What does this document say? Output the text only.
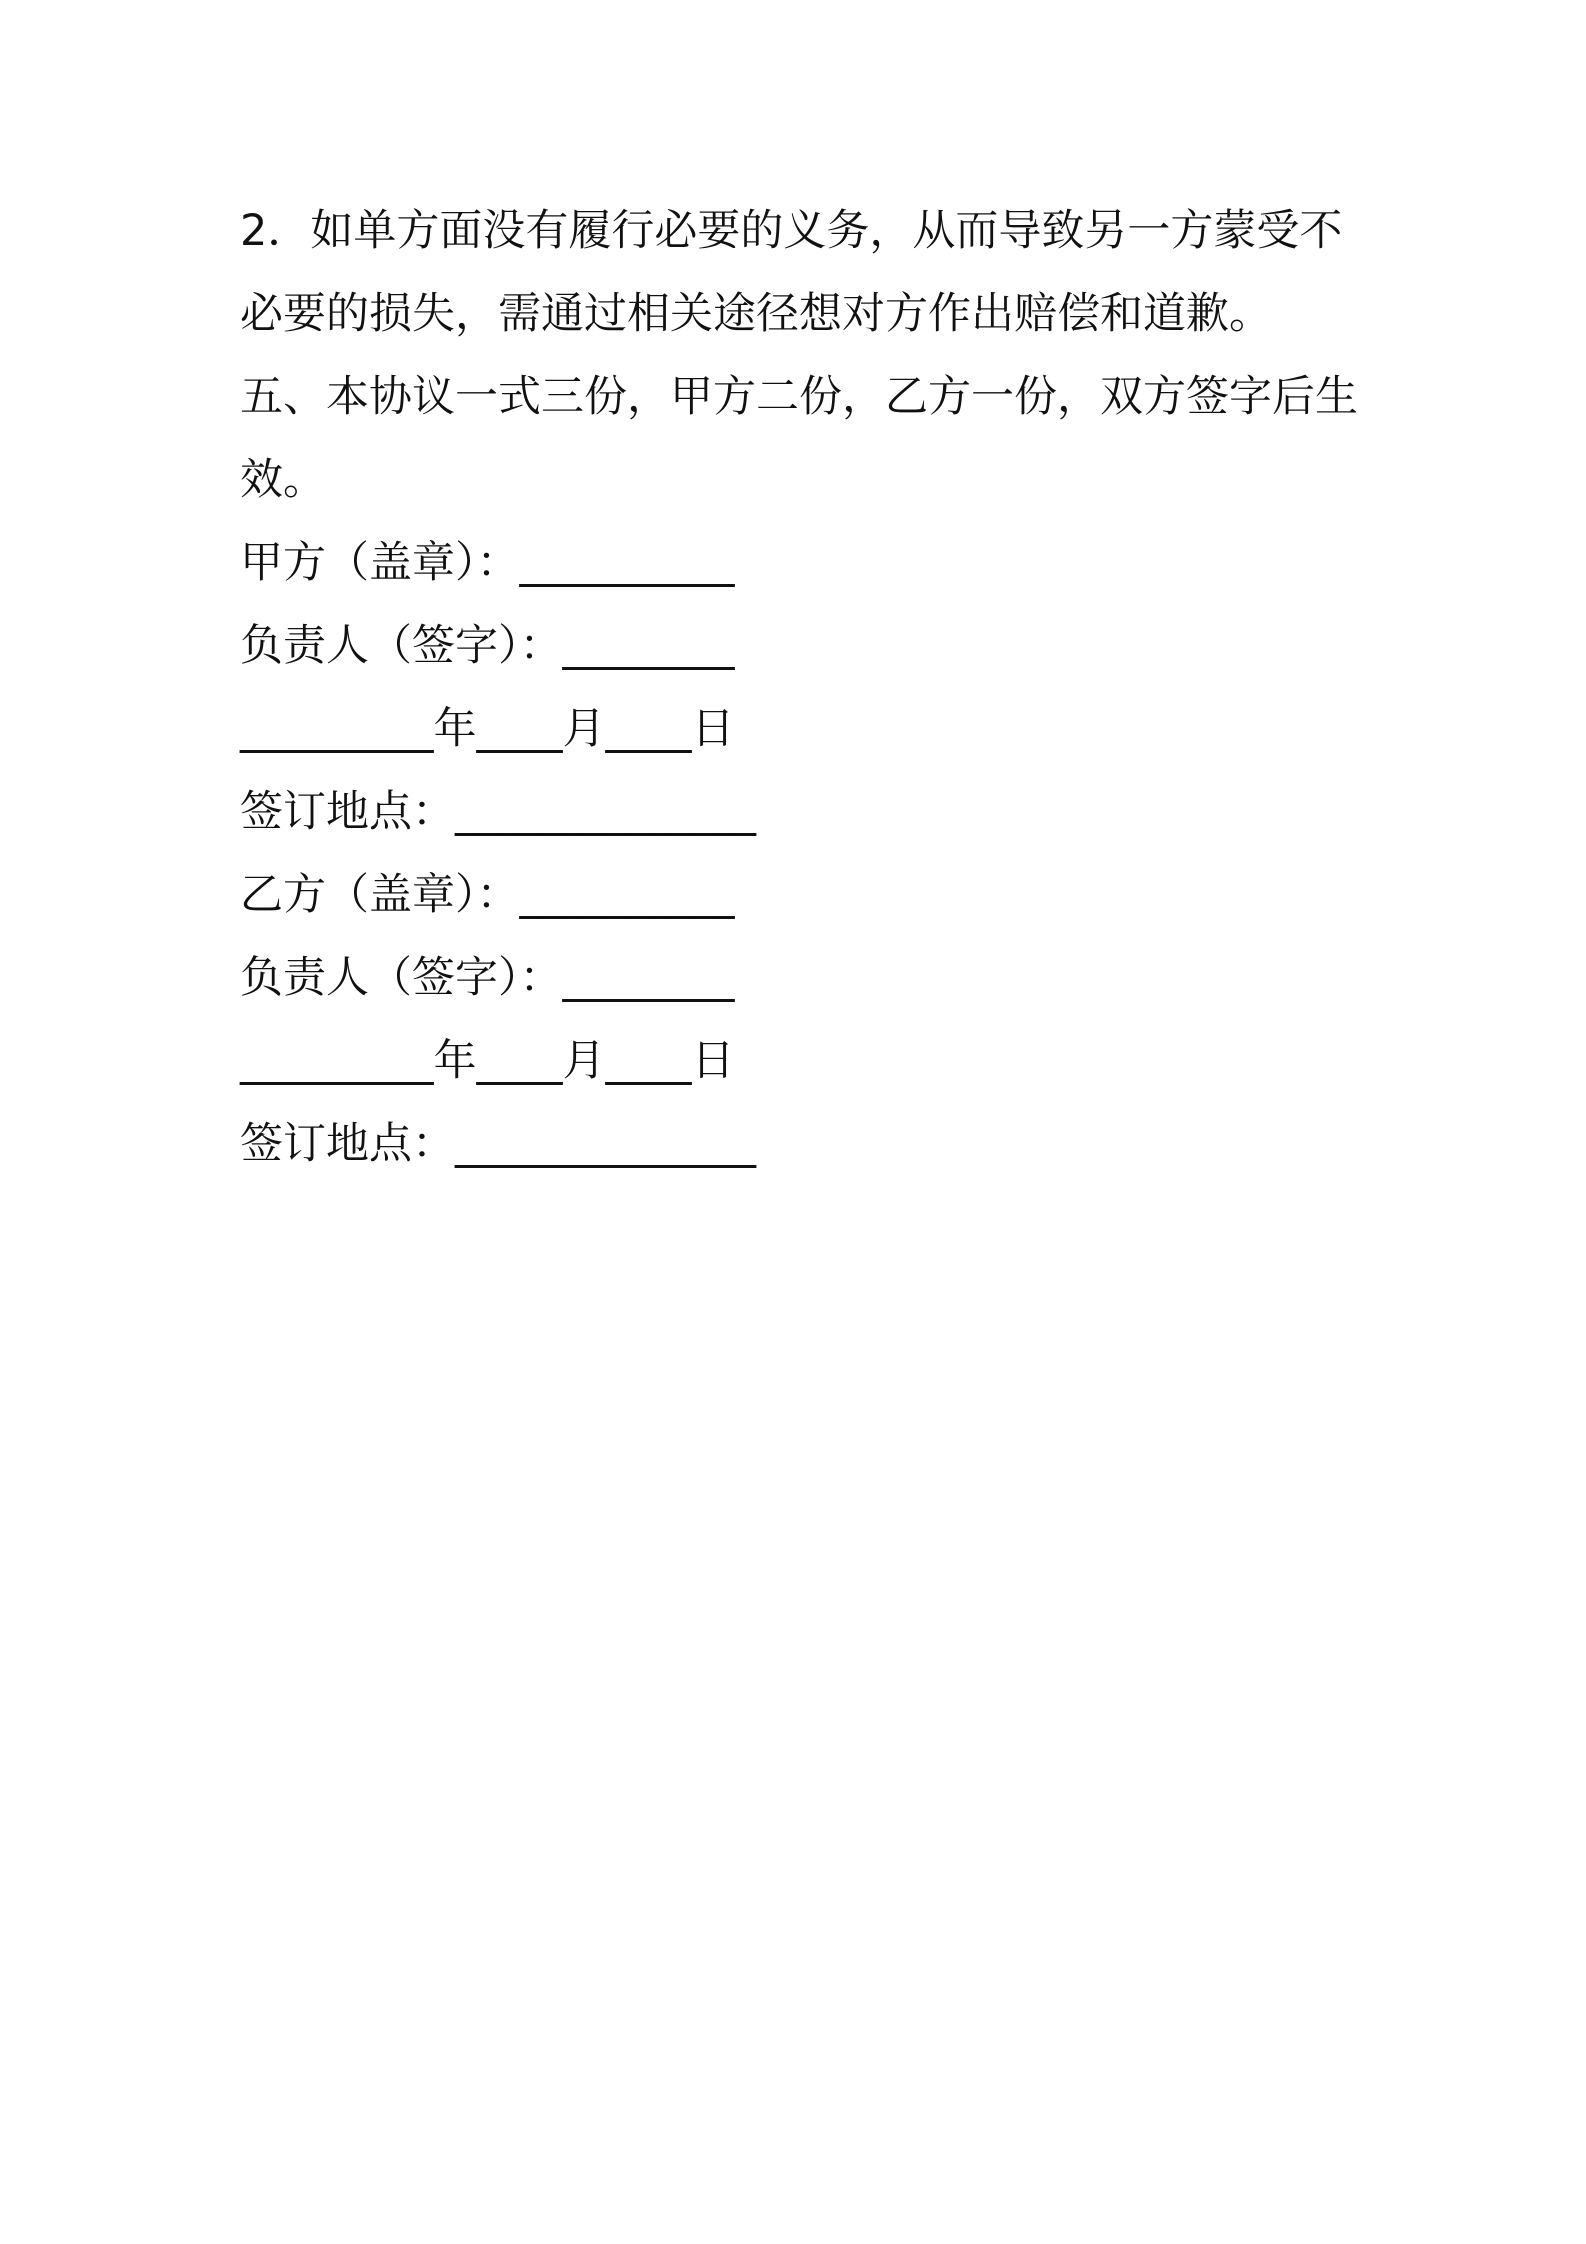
2．如单方面没有履行必要的义务，从而导致另一方蒙受不
必要的损失，需通过相关途径想对方作出赔偿和道歉。
五、本协议一式三份，甲方二份，乙方一份，双方签字后生
效。
甲方（盖章）：__________
负责人（签字）：________
_________年____月____日
签订地点：______________
乙方（盖章）：__________
负责人（签字）：________
_________年____月____日
签订地点：______________
